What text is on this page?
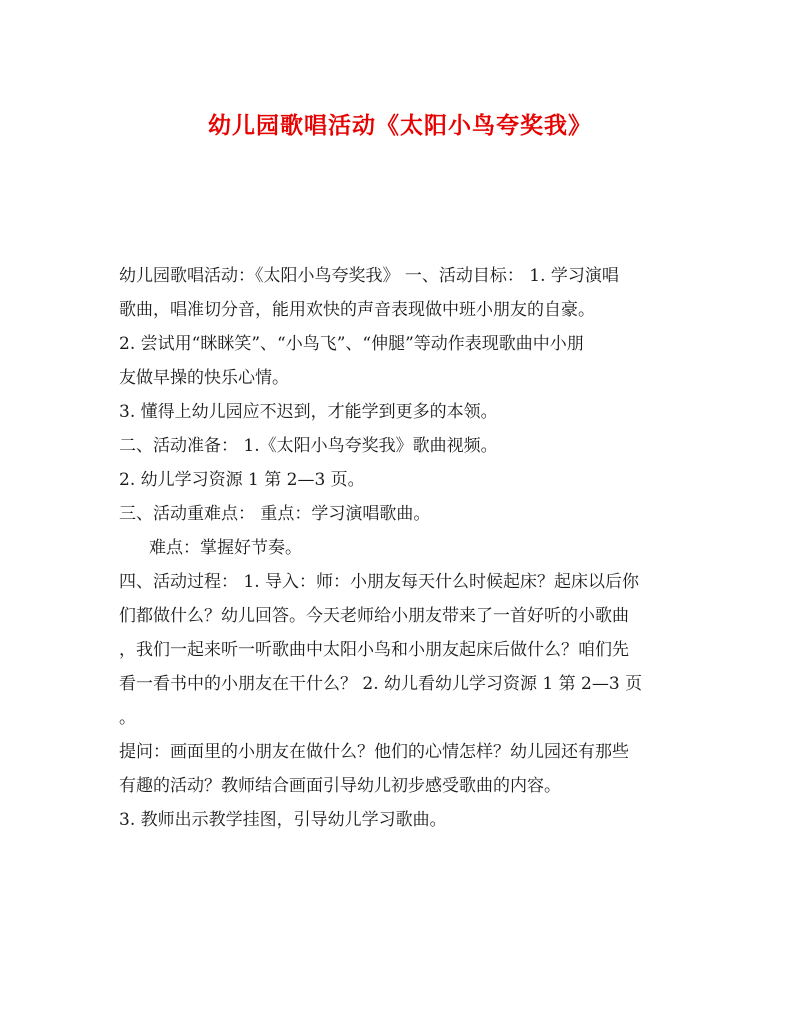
幼儿园歌唱活动《太阳小鸟夸奖我》
幼儿园歌唱活动：《太阳小鸟夸奖我》 一、活动目标： 1. 学习演唱
歌曲，唱准切分音，能用欢快的声音表现做中班小朋友的自豪。
2. 尝试用“眯眯笑”、“小鸟飞”、“伸腿”等动作表现歌曲中小朋
友做早操的快乐心情。
3. 懂得上幼儿园应不迟到，才能学到更多的本领。
二、活动准备： 1.《太阳小鸟夸奖我》歌曲视频。
2. 幼儿学习资源 1 第 2—3 页。
三、活动重难点： 重点：学习演唱歌曲。
难点：掌握好节奏。
四、活动过程： 1. 导入：师：小朋友每天什么时候起床？起床以后你
们都做什么？幼儿回答。今天老师给小朋友带来了一首好听的小歌曲
，我们一起来听一听歌曲中太阳小鸟和小朋友起床后做什么？咱们先
看一看书中的小朋友在干什么？ 2. 幼儿看幼儿学习资源 1 第 2—3 页
。
提问：画面里的小朋友在做什么？他们的心情怎样？幼儿园还有那些
有趣的活动？教师结合画面引导幼儿初步感受歌曲的内容。
3. 教师出示教学挂图，引导幼儿学习歌曲。
